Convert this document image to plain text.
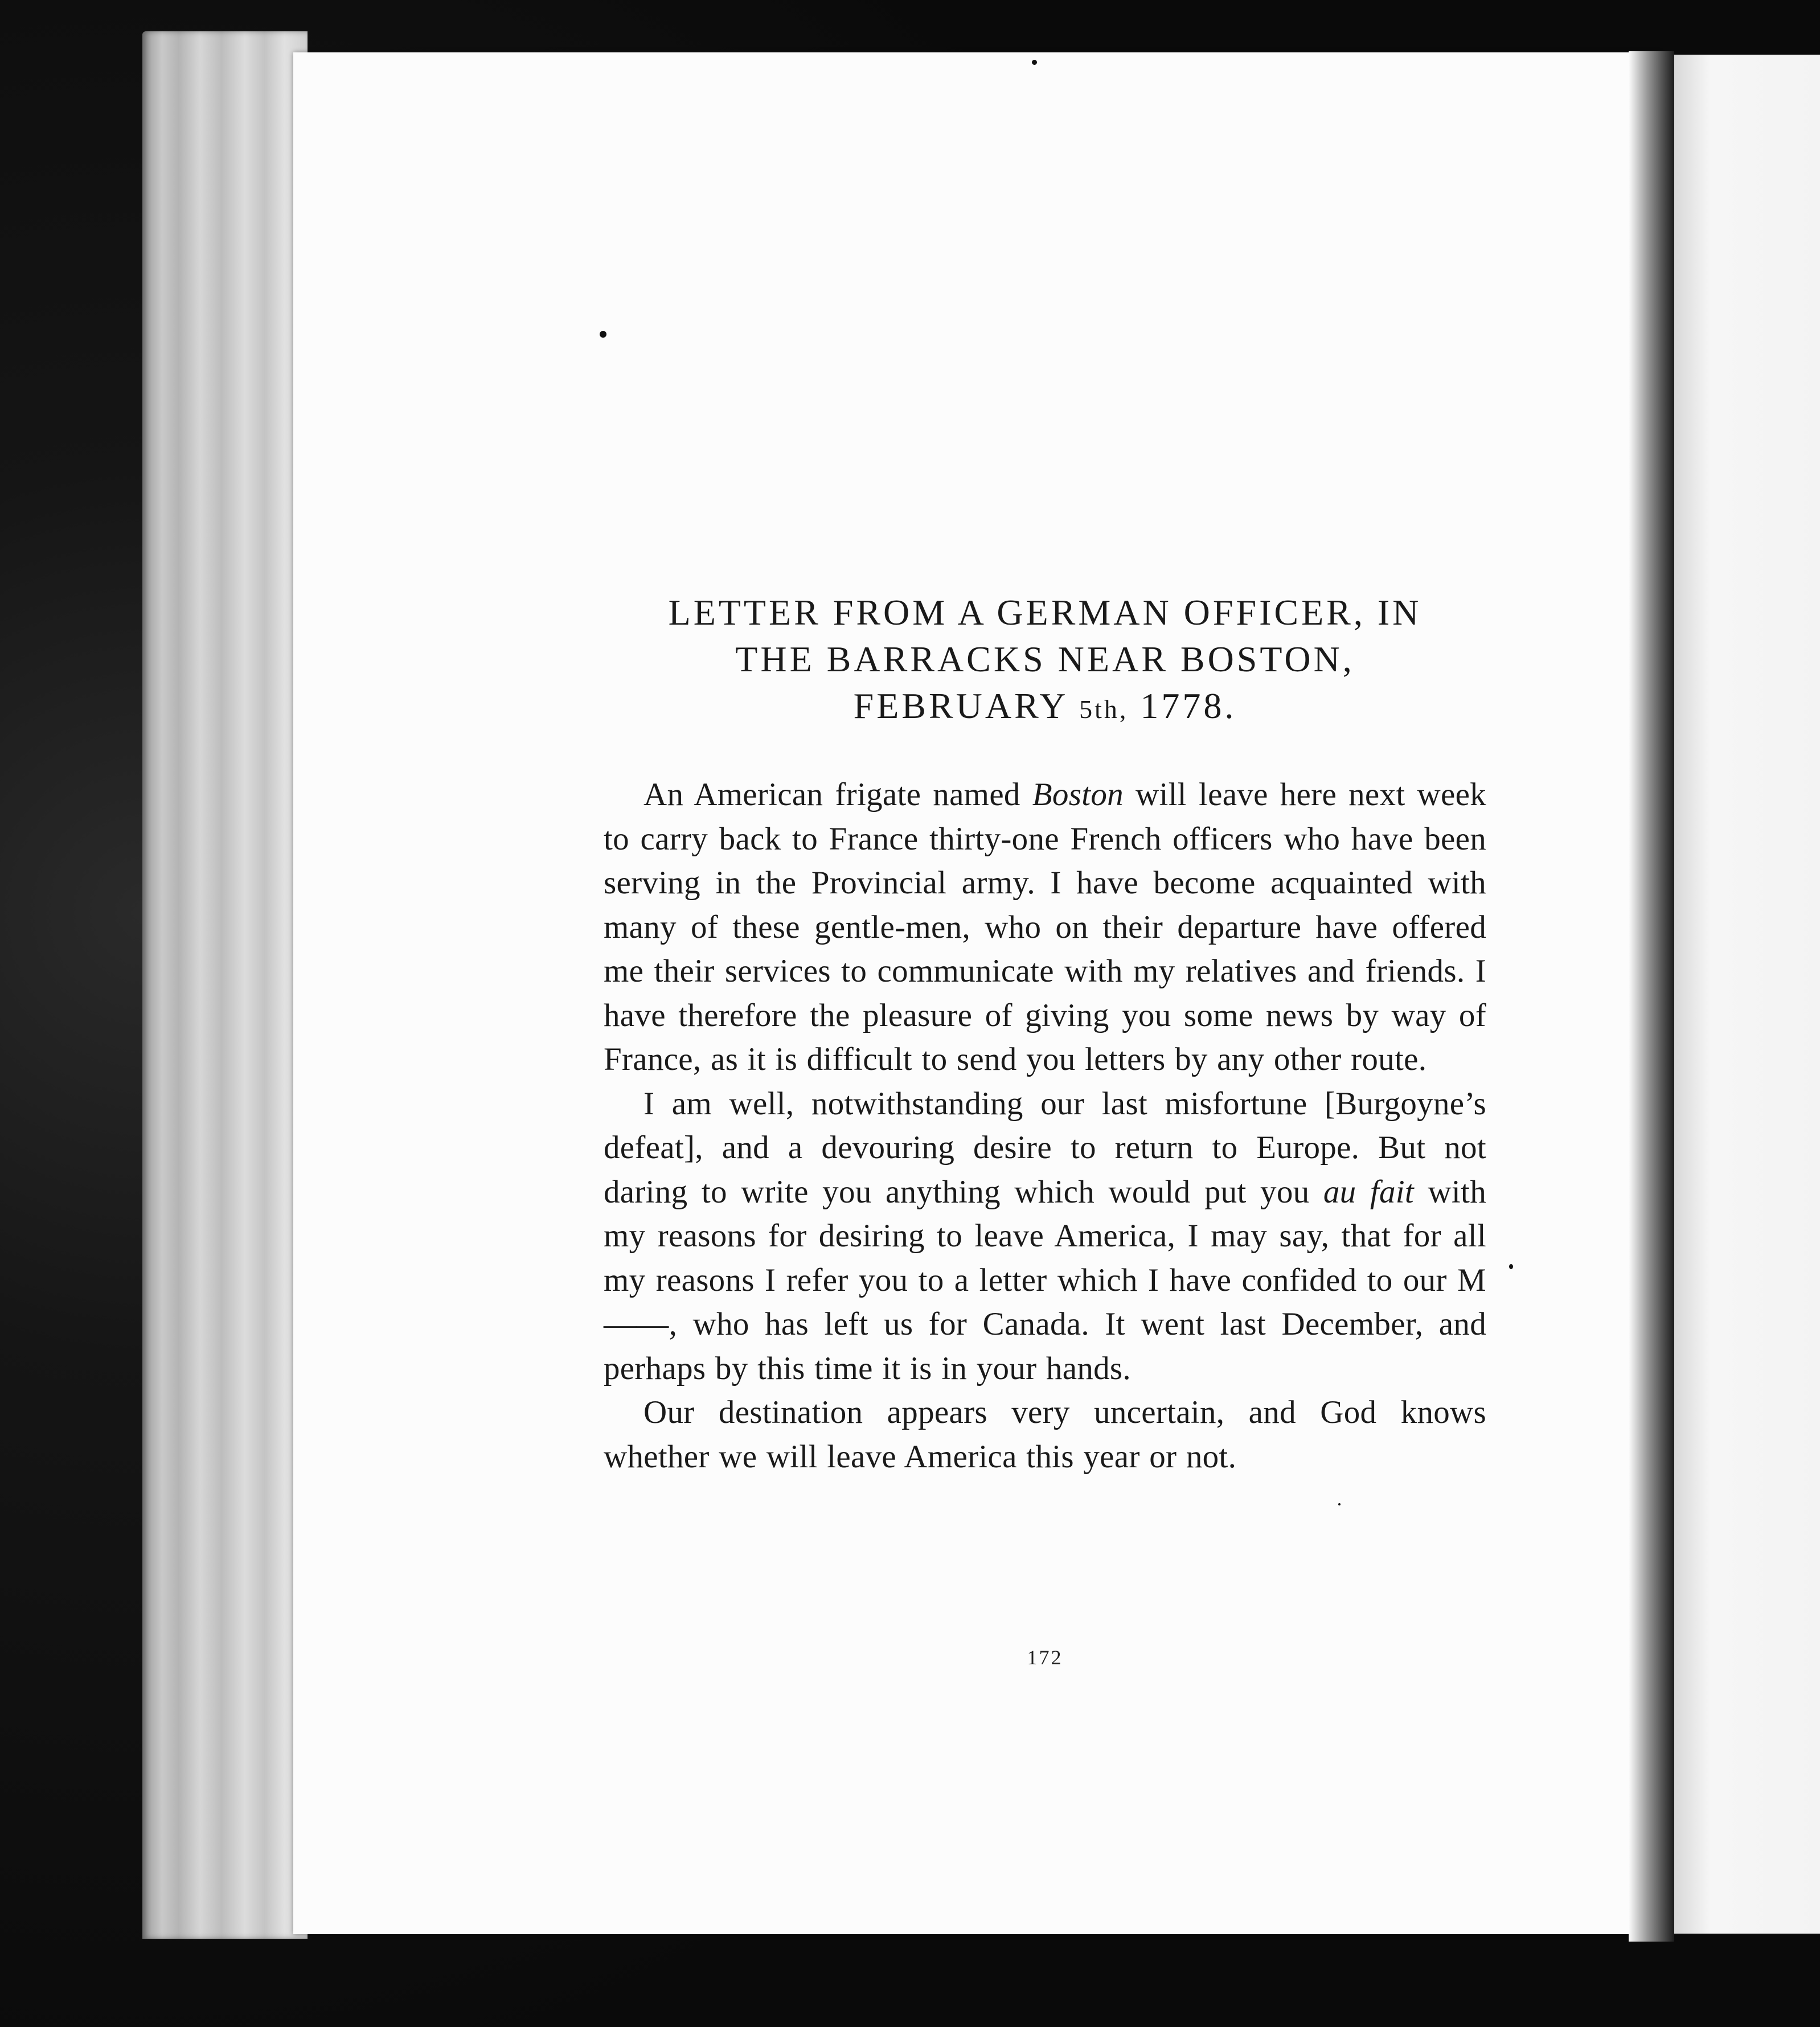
LETTER FROM A GERMAN OFFICER, IN
THE BARRACKS NEAR BOSTON,
FEBRUARY 5th, 1778.

An American frigate named Boston will leave here next week to carry back to France thirty-one French officers who have been serving in the Provincial army. I have become acquainted with many of these gentle-men, who on their departure have offered me their services to communicate with my relatives and friends. I have therefore the pleasure of giving you some news by way of France, as it is difficult to send you letters by any other route.

I am well, notwithstanding our last misfortune [Burgoyne’s defeat], and a devouring desire to return to Europe. But not daring to write you anything which would put you au fait with my reasons for desiring to leave America, I may say, that for all my reasons I refer you to a letter which I have confided to our M——, who has left us for Canada. It went last December, and perhaps by this time it is in your hands.

Our destination appears very uncertain, and God knows whether we will leave America this year or not.

172
